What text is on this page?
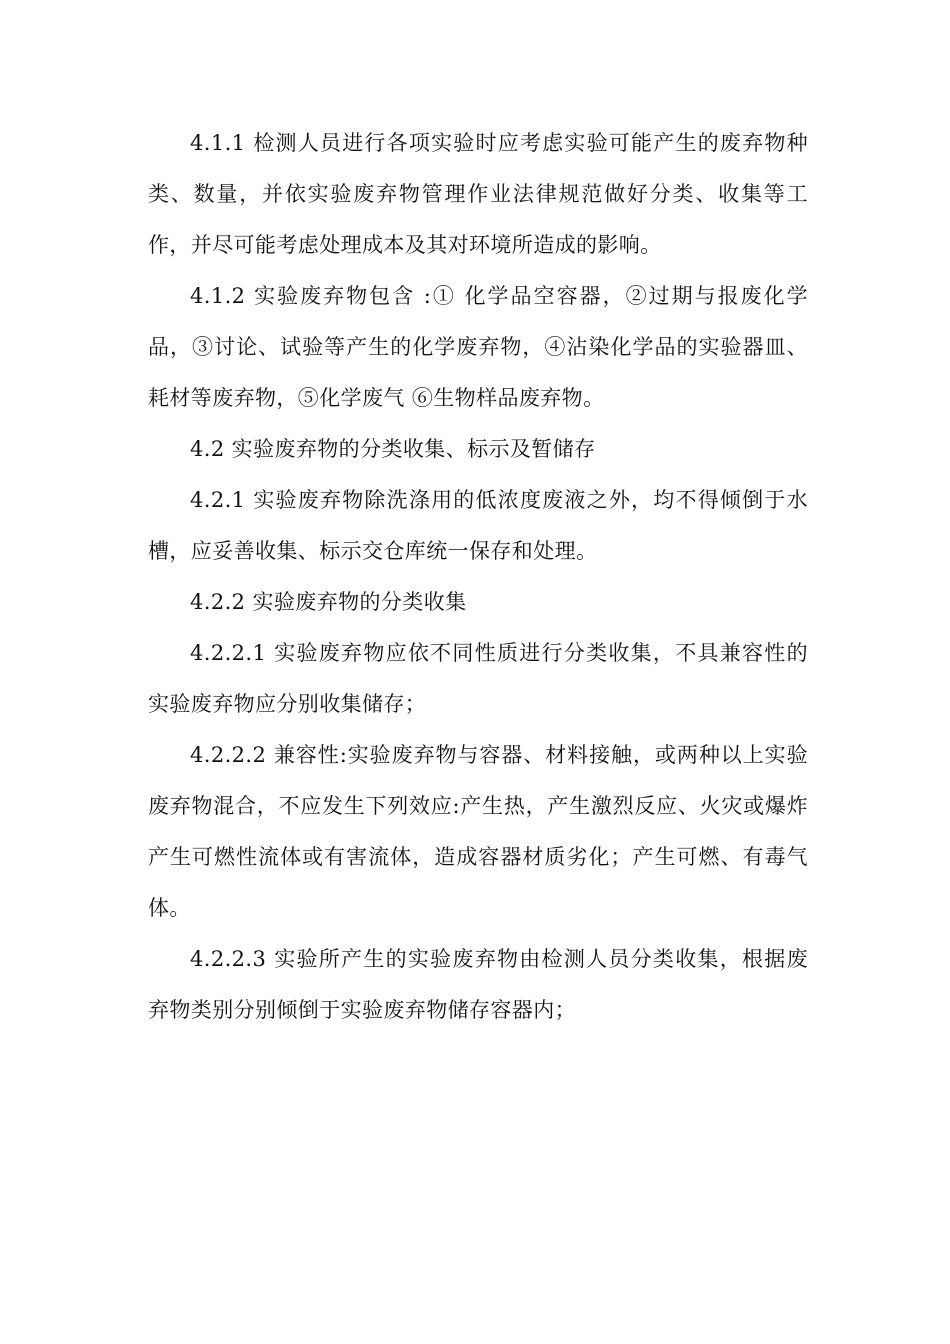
4.1.1 检测人员进行各项实验时应考虑实验可能产生的废弃物种类、数量，并依实验废弃物管理作业法律规范做好分类、收集等工作，并尽可能考虑处理成本及其对环境所造成的影响。

4.1.2 实验废弃物包含 :① 化学品空容器，②过期与报废化学品，③讨论、试验等产生的化学废弃物，④沾染化学品的实验器皿、耗材等废弃物，⑤化学废气 ⑥生物样品废弃物。

4.2 实验废弃物的分类收集、标示及暂储存

4.2.1 实验废弃物除洗涤用的低浓度废液之外，均不得倾倒于水槽，应妥善收集、标示交仓库统一保存和处理。

4.2.2 实验废弃物的分类收集

4.2.2.1 实验废弃物应依不同性质进行分类收集，不具兼容性的实验废弃物应分别收集储存；

4.2.2.2 兼容性:实验废弃物与容器、材料接触，或两种以上实验废弃物混合，不应发生下列效应:产生热，产生激烈反应、火灾或爆炸产生可燃性流体或有害流体，造成容器材质劣化；产生可燃、有毒气体。

4.2.2.3 实验所产生的实验废弃物由检测人员分类收集，根据废弃物类别分别倾倒于实验废弃物储存容器内；
